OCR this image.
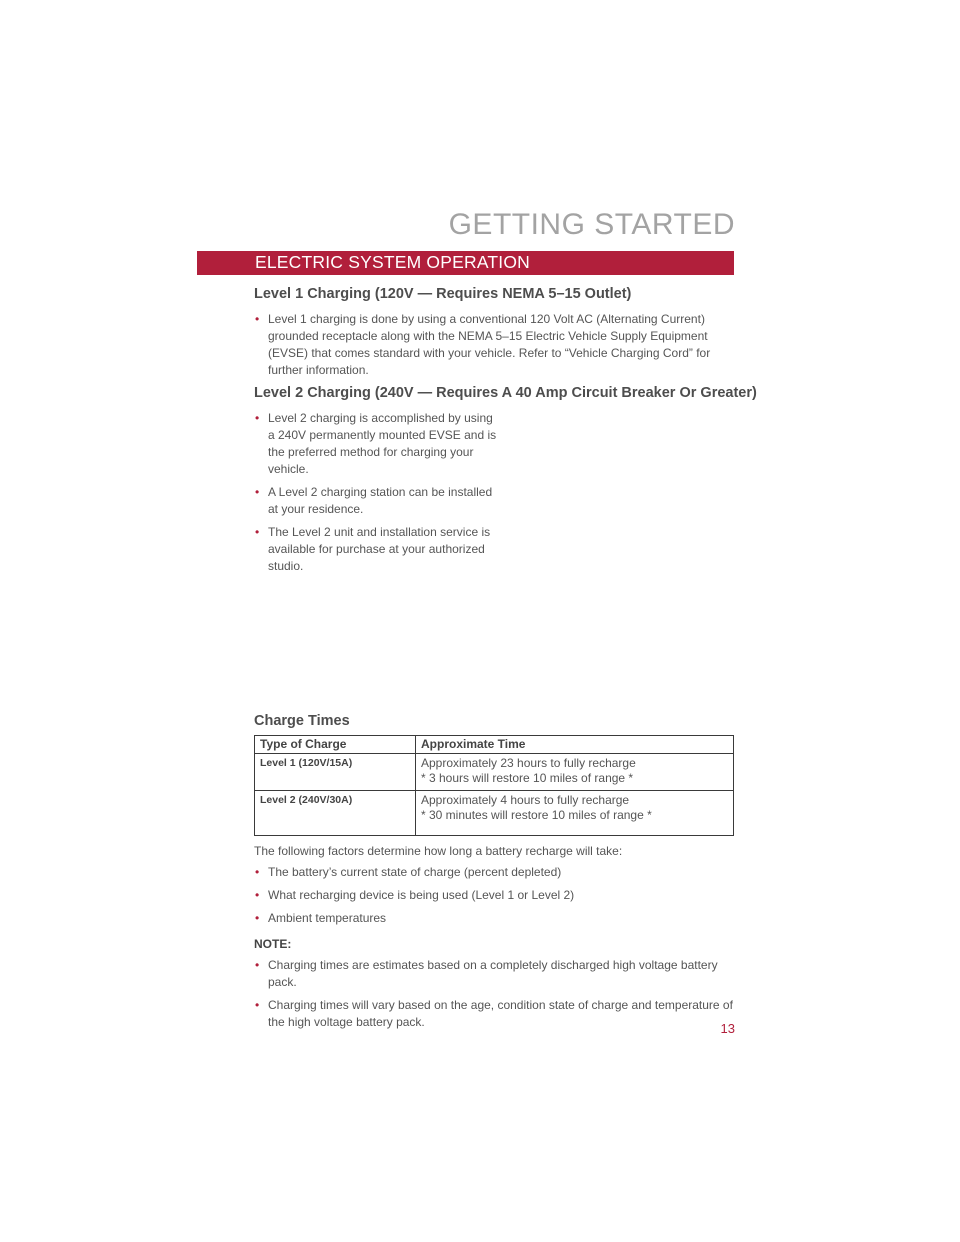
GETTING STARTED
ELECTRIC SYSTEM OPERATION
Level 1 Charging (120V — Requires NEMA 5–15 Outlet)
• Level 1 charging is done by using a conventional 120 Volt AC (Alternating Current) grounded receptacle along with the NEMA 5–15 Electric Vehicle Supply Equipment (EVSE) that comes standard with your vehicle. Refer to “Vehicle Charging Cord” for further information.
Level 2 Charging (240V — Requires A 40 Amp Circuit Breaker Or Greater)
• Level 2 charging is accomplished by using a 240V permanently mounted EVSE and is the preferred method for charging your vehicle.
• A Level 2 charging station can be installed at your residence.
• The Level 2 unit and installation service is available for purchase at your authorized studio.
Charge Times
Type of Charge	Approximate Time
Level 1 (120V/15A)	Approximately 23 hours to fully recharge
* 3 hours will restore 10 miles of range *

Level 2 (240V/30A)	Approximately 4 hours to fully recharge
* 30 minutes will restore 10 miles of range *

The following factors determine how long a battery recharge will take:

• The battery’s current state of charge (percent depleted)
• What recharging device is being used (Level 1 or Level 2)
• Ambient temperatures

NOTE:

• Charging times are estimates based on a completely discharged high voltage battery pack.
• Charging times will vary based on the age, condition state of charge and temperature of the high voltage battery pack.	13
